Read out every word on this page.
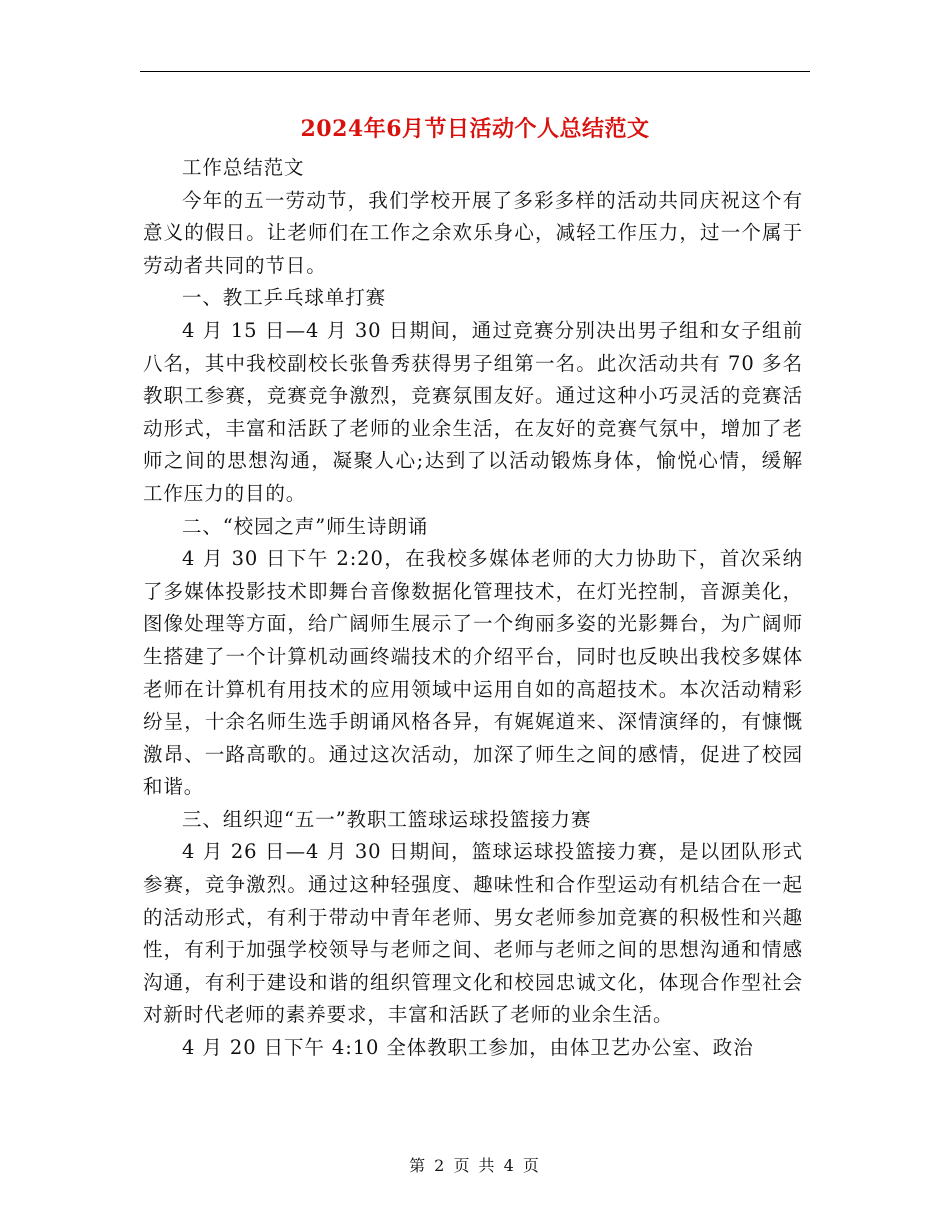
2024年6月节日活动个人总结范文

工作总结范文

今年的五一劳动节，我们学校开展了多彩多样的活动共同庆祝这个有意义的假日。让老师们在工作之余欢乐身心，减轻工作压力，过一个属于劳动者共同的节日。

一、教工乒乓球单打赛

4 月 15 日—4 月 30 日期间，通过竞赛分别决出男子组和女子组前八名，其中我校副校长张鲁秀获得男子组第一名。此次活动共有 70 多名教职工参赛，竞赛竞争激烈，竞赛氛围友好。通过这种小巧灵活的竞赛活动形式，丰富和活跃了老师的业余生活，在友好的竞赛气氛中，增加了老师之间的思想沟通，凝聚人心;达到了以活动锻炼身体，愉悦心情，缓解工作压力的目的。

二、“校园之声”师生诗朗诵

4 月 30 日下午 2:20，在我校多媒体老师的大力协助下，首次采纳了多媒体投影技术即舞台音像数据化管理技术，在灯光控制，音源美化，图像处理等方面，给广阔师生展示了一个绚丽多姿的光影舞台，为广阔师生搭建了一个计算机动画终端技术的介绍平台，同时也反映出我校多媒体老师在计算机有用技术的应用领域中运用自如的高超技术。本次活动精彩纷呈，十余名师生选手朗诵风格各异，有娓娓道来、深情演绎的，有慷慨激昂、一路高歌的。通过这次活动，加深了师生之间的感情，促进了校园和谐。

三、组织迎“五一”教职工篮球运球投篮接力赛

4 月 26 日—4 月 30 日期间，篮球运球投篮接力赛，是以团队形式参赛，竞争激烈。通过这种轻强度、趣味性和合作型运动有机结合在一起的活动形式，有利于带动中青年老师、男女老师参加竞赛的积极性和兴趣性，有利于加强学校领导与老师之间、老师与老师之间的思想沟通和情感沟通，有利于建设和谐的组织管理文化和校园忠诚文化，体现合作型社会对新时代老师的素养要求，丰富和活跃了老师的业余生活。

4 月 20 日下午 4:10 全体教职工参加，由体卫艺办公室、政治

第 2 页 共 4 页
